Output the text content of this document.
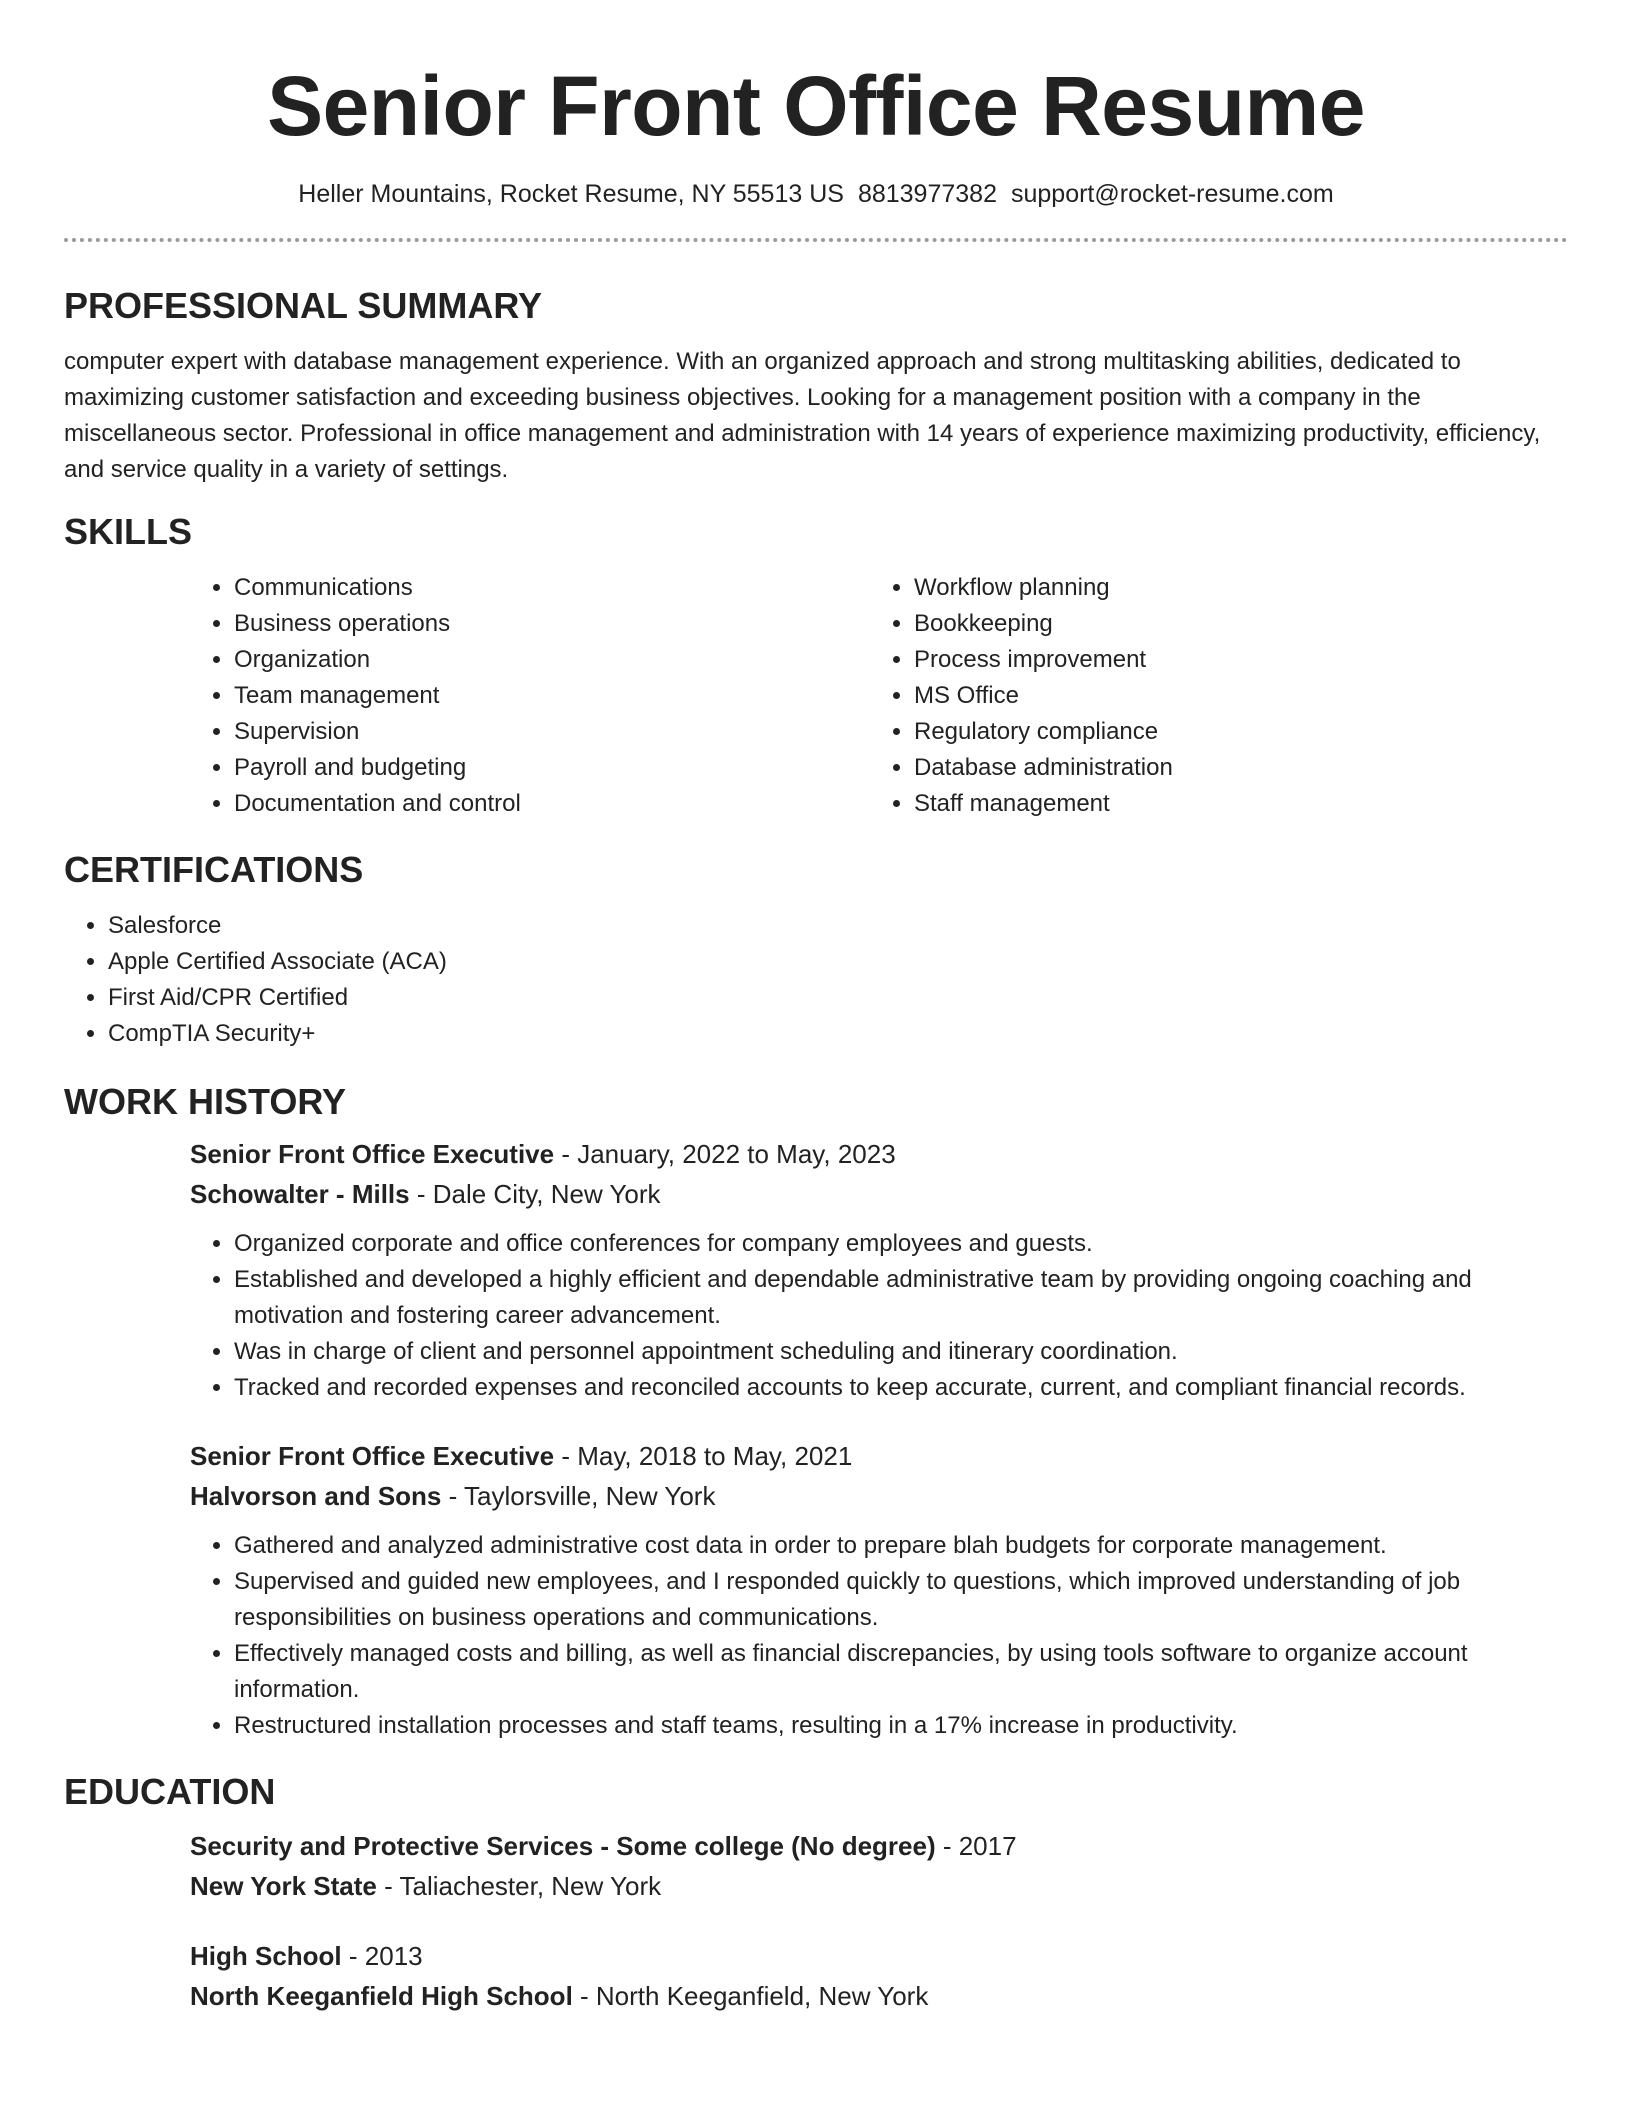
Senior Front Office Resume
Heller Mountains, Rocket Resume, NY 55513 US 8813977382 support@rocket-resume.com
PROFESSIONAL SUMMARY

computer expert with database management experience. With an organized approach and strong multitasking abilities, dedicated to maximizing customer satisfaction and exceeding business objectives. Looking for a management position with a company in the miscellaneous sector. Professional in office management and administration with 14 years of experience maximizing productivity, efficiency, and service quality in a variety of settings.

SKILLS
• Communications
• Business operations
• Organization
• Team management
• Supervision
• Payroll and budgeting
• Documentation and control
• Workflow planning
• Bookkeeping
• Process improvement
• MS Office
• Regulatory compliance
• Database administration
• Staff management
CERTIFICATIONS
• Salesforce
• Apple Certified Associate (ACA)
• First Aid/CPR Certified
• CompTIA Security+
WORK HISTORY

Senior Front Office Executive - January, 2022 to May, 2023

Schowalter - Mills - Dale City, New York

• Organized corporate and office conferences for company employees and guests.
• Established and developed a highly efficient and dependable administrative team by providing ongoing coaching and motivation and fostering career advancement.
• Was in charge of client and personnel appointment scheduling and itinerary coordination.
• Tracked and recorded expenses and reconciled accounts to keep accurate, current, and compliant financial records.

Senior Front Office Executive - May, 2018 to May, 2021

Halvorson and Sons - Taylorsville, New York

• Gathered and analyzed administrative cost data in order to prepare blah budgets for corporate management.
• Supervised and guided new employees, and I responded quickly to questions, which improved understanding of job responsibilities on business operations and communications.
• Effectively managed costs and billing, as well as financial discrepancies, by using tools software to organize account information.
• Restructured installation processes and staff teams, resulting in a 17% increase in productivity.
EDUCATION

Security and Protective Services - Some college (No degree) - 2017

New York State - Taliachester, New York

High School - 2013

North Keeganfield High School - North Keeganfield, New York
